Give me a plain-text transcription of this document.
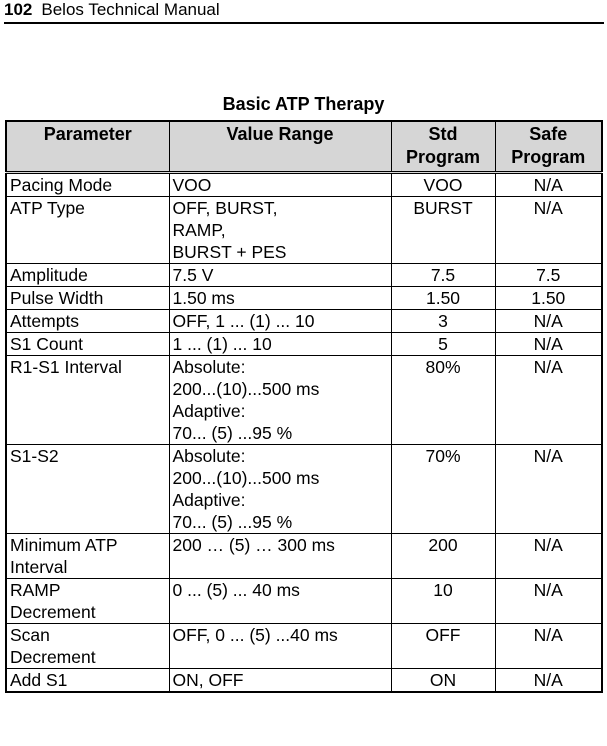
102 Belos Technical Manual
Basic ATP Therapy
Parameter	Value Range	Std Program	Safe Program
Pacing Mode	VOO	VOO	N/A
ATP Type	OFF, BURST,
RAMP,
BURST + PES	BURST	N/A
Amplitude	7.5 V	7.5	7.5
Pulse Width	1.50 ms	1.50	1.50
Attempts	OFF, 1 ... (1) ... 10	3	N/A
S1 Count	1 ... (1) ... 10	5	N/A
R1-S1 Interval	Absolute:
200...(10)...500 ms
Adaptive:
70... (5) ...95 %	80%	N/A
S1-S2	Absolute:
200...(10)...500 ms
Adaptive:
70... (5) ...95 %	70%	N/A
Minimum ATP
Interval	200 … (5) … 300 ms	200	N/A
RAMP
Decrement	0 ... (5) ... 40 ms	10	N/A
Scan
Decrement	OFF, 0 ... (5) ...40 ms	OFF	N/A
Add S1	ON, OFF	ON	N/A
